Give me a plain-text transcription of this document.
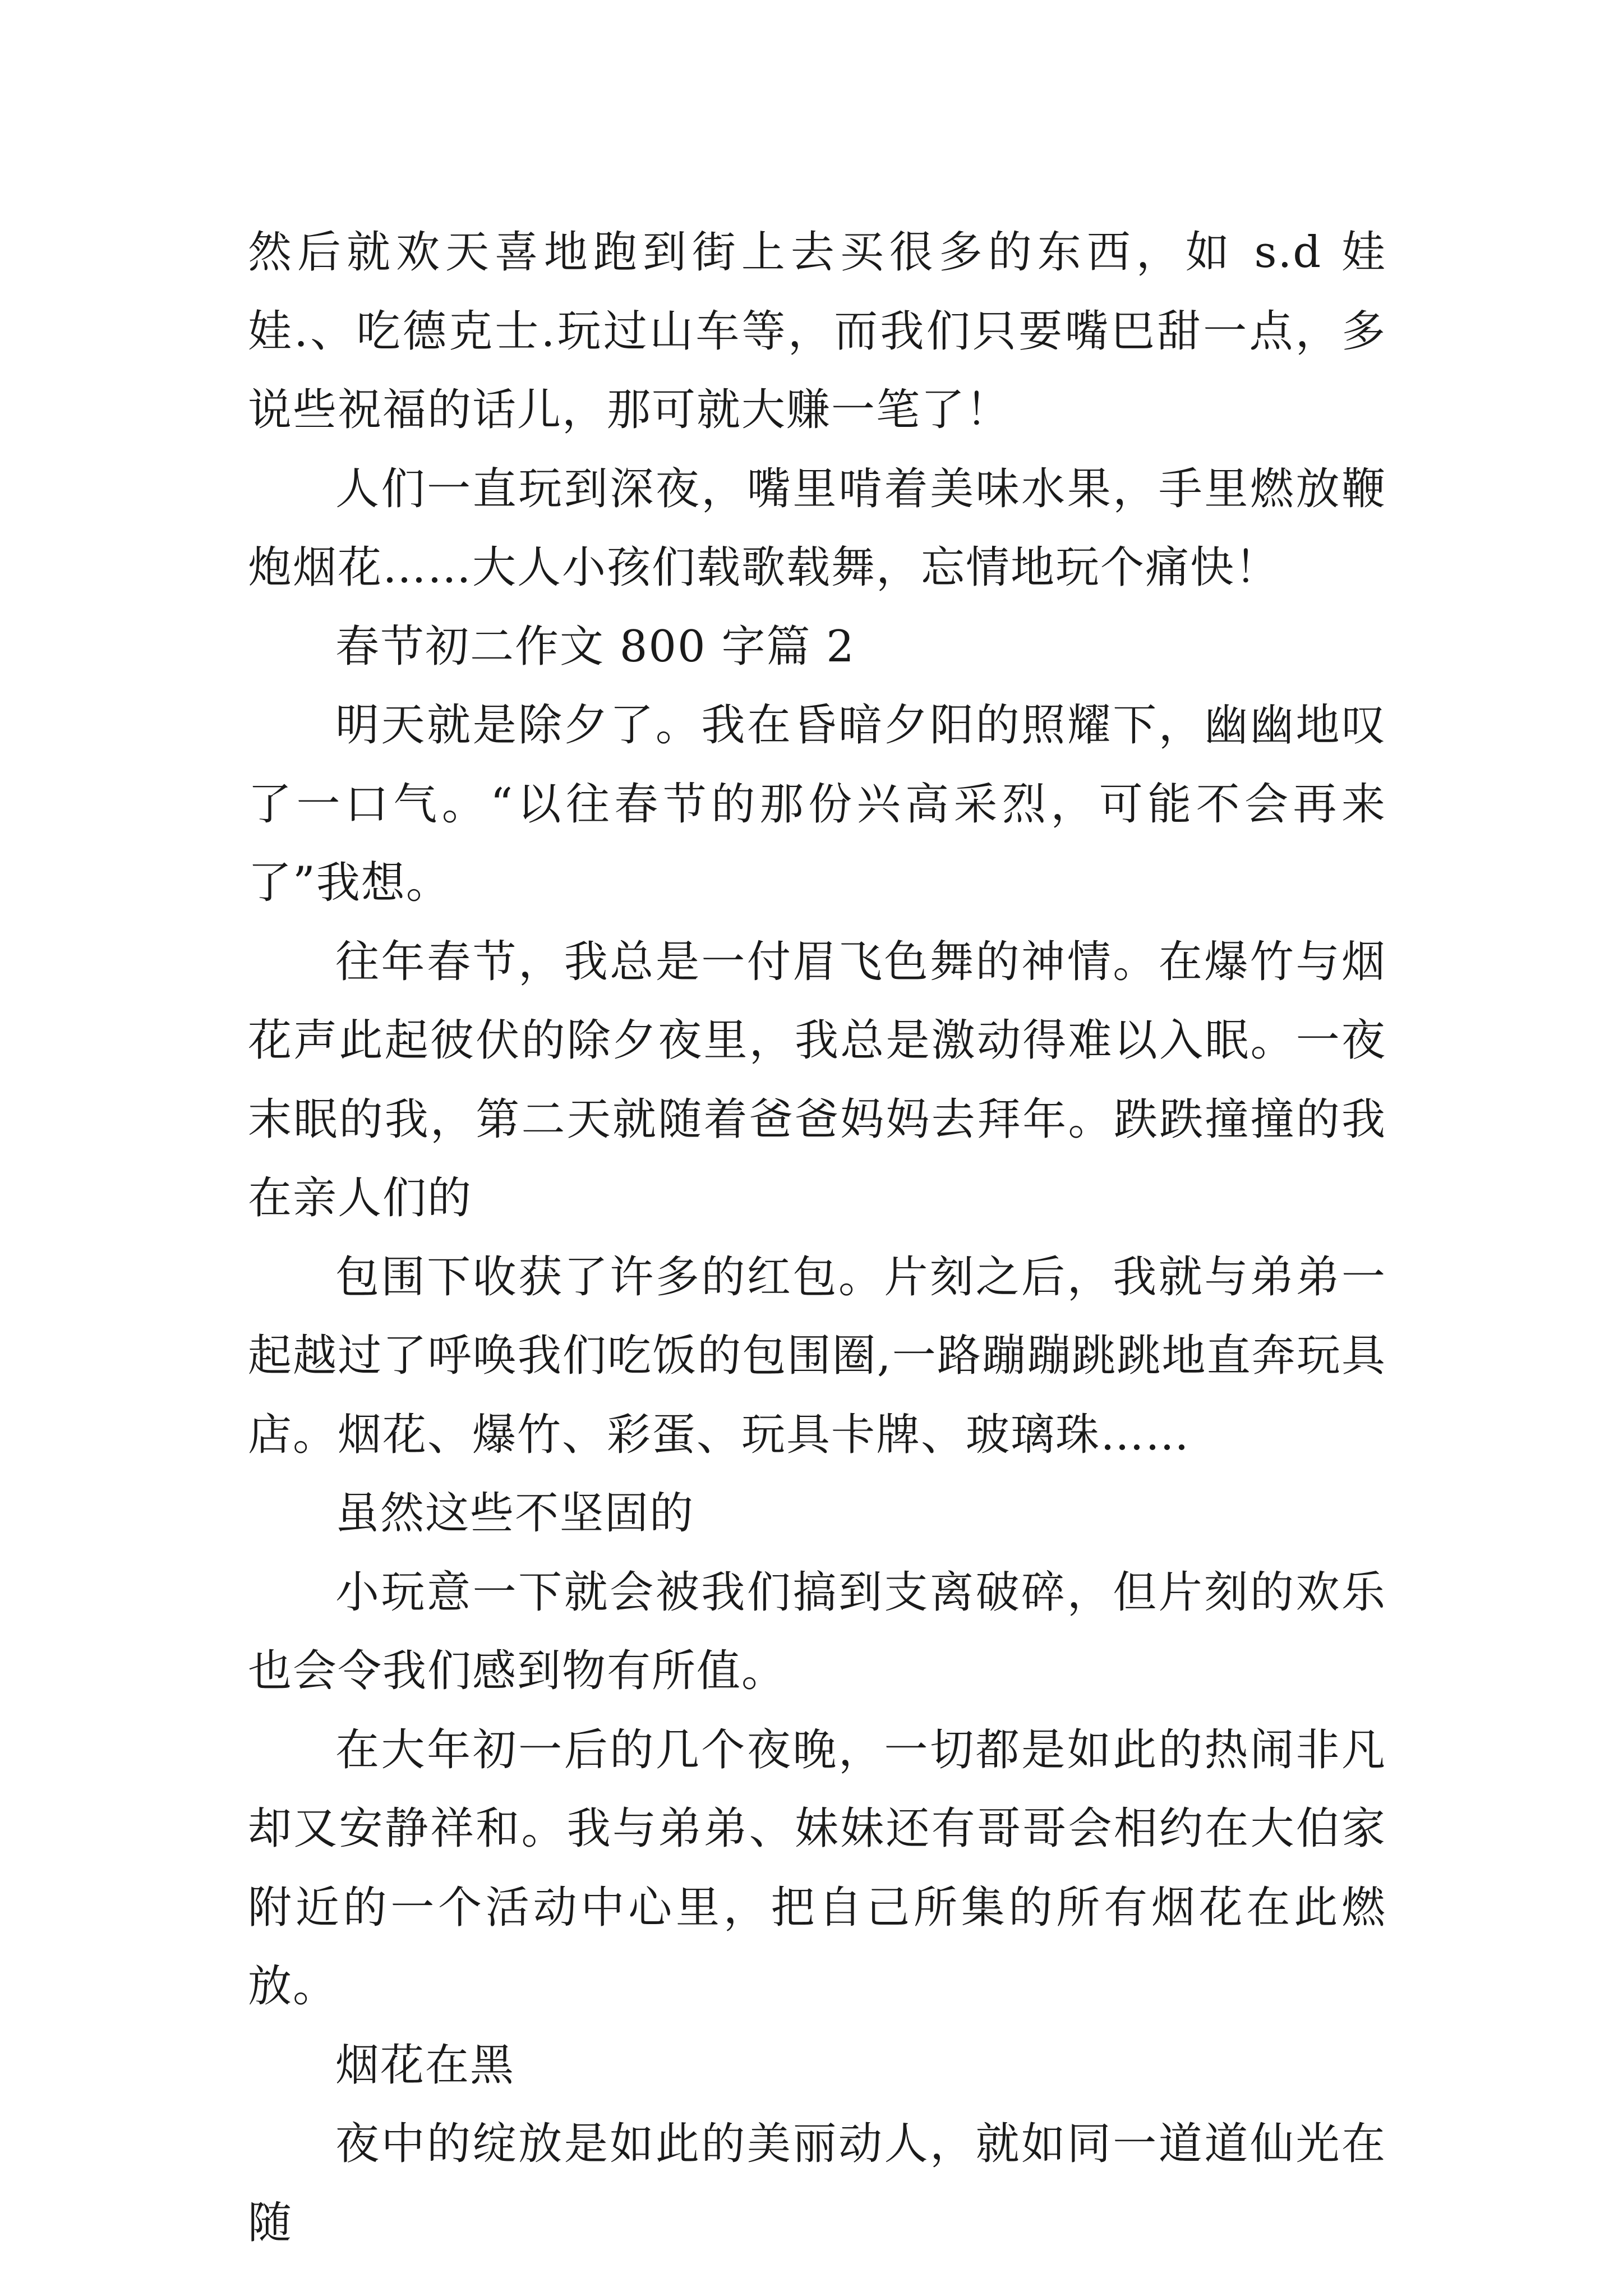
然后就欢天喜地跑到街上去买很多的东西，如 s.d 娃娃.、吃德克士.玩过山车等，而我们只要嘴巴甜一点，多说些祝福的话儿，那可就大赚一笔了！

人们一直玩到深夜，嘴里啃着美味水果，手里燃放鞭炮烟花……大人小孩们载歌载舞，忘情地玩个痛快！

春节初二作文 800 字篇 2

明天就是除夕了。我在昏暗夕阳的照耀下，幽幽地叹了一口气。“以往春节的那份兴高采烈，可能不会再来了”我想。

往年春节，我总是一付眉飞色舞的神情。在爆竹与烟花声此起彼伏的除夕夜里，我总是激动得难以入眠。一夜末眠的我，第二天就随着爸爸妈妈去拜年。跌跌撞撞的我在亲人们的

包围下收获了许多的红包。片刻之后，我就与弟弟一起越过了呼唤我们吃饭的包围圈,一路蹦蹦跳跳地直奔玩具店。烟花、爆竹、彩蛋、玩具卡牌、玻璃珠……

虽然这些不坚固的

小玩意一下就会被我们搞到支离破碎，但片刻的欢乐也会令我们感到物有所值。

在大年初一后的几个夜晚，一切都是如此的热闹非凡却又安静祥和。我与弟弟、妹妹还有哥哥会相约在大伯家附近的一个活动中心里，把自己所集的所有烟花在此燃放。

烟花在黑

夜中的绽放是如此的美丽动人，就如同一道道仙光在随
